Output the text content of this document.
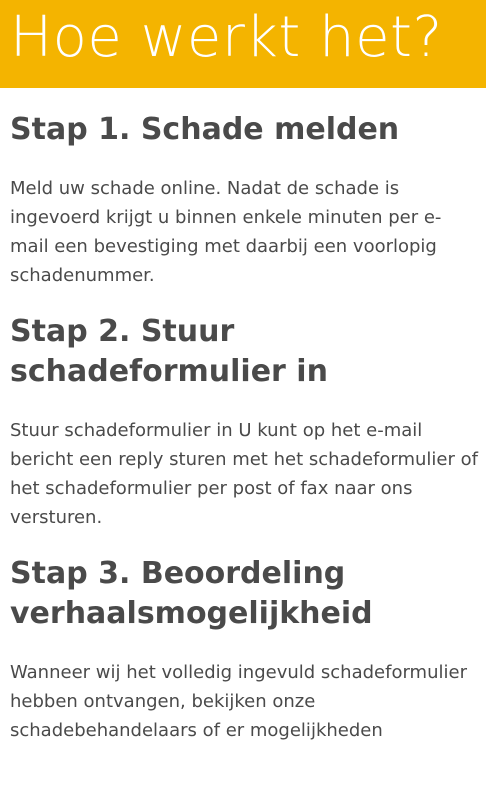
Hoe werkt het?
Stap 1. Schade melden

Meld uw schade online. Nadat de schade is ingevoerd krijgt u binnen enkele minuten per e-mail een bevestiging met daarbij een voorlopig schadenummer.

Stap 2. Stuur schadeformulier in

Stuur schadeformulier in U kunt op het e-mail bericht een reply sturen met het schadeformulier of het schadeformulier per post of fax naar ons versturen.

Stap 3. Beoordeling verhaalsmogelijkheid

Wanneer wij het volledig ingevuld schadeformulier hebben ontvangen, bekijken onze schadebehandelaars of er mogelijkheden
